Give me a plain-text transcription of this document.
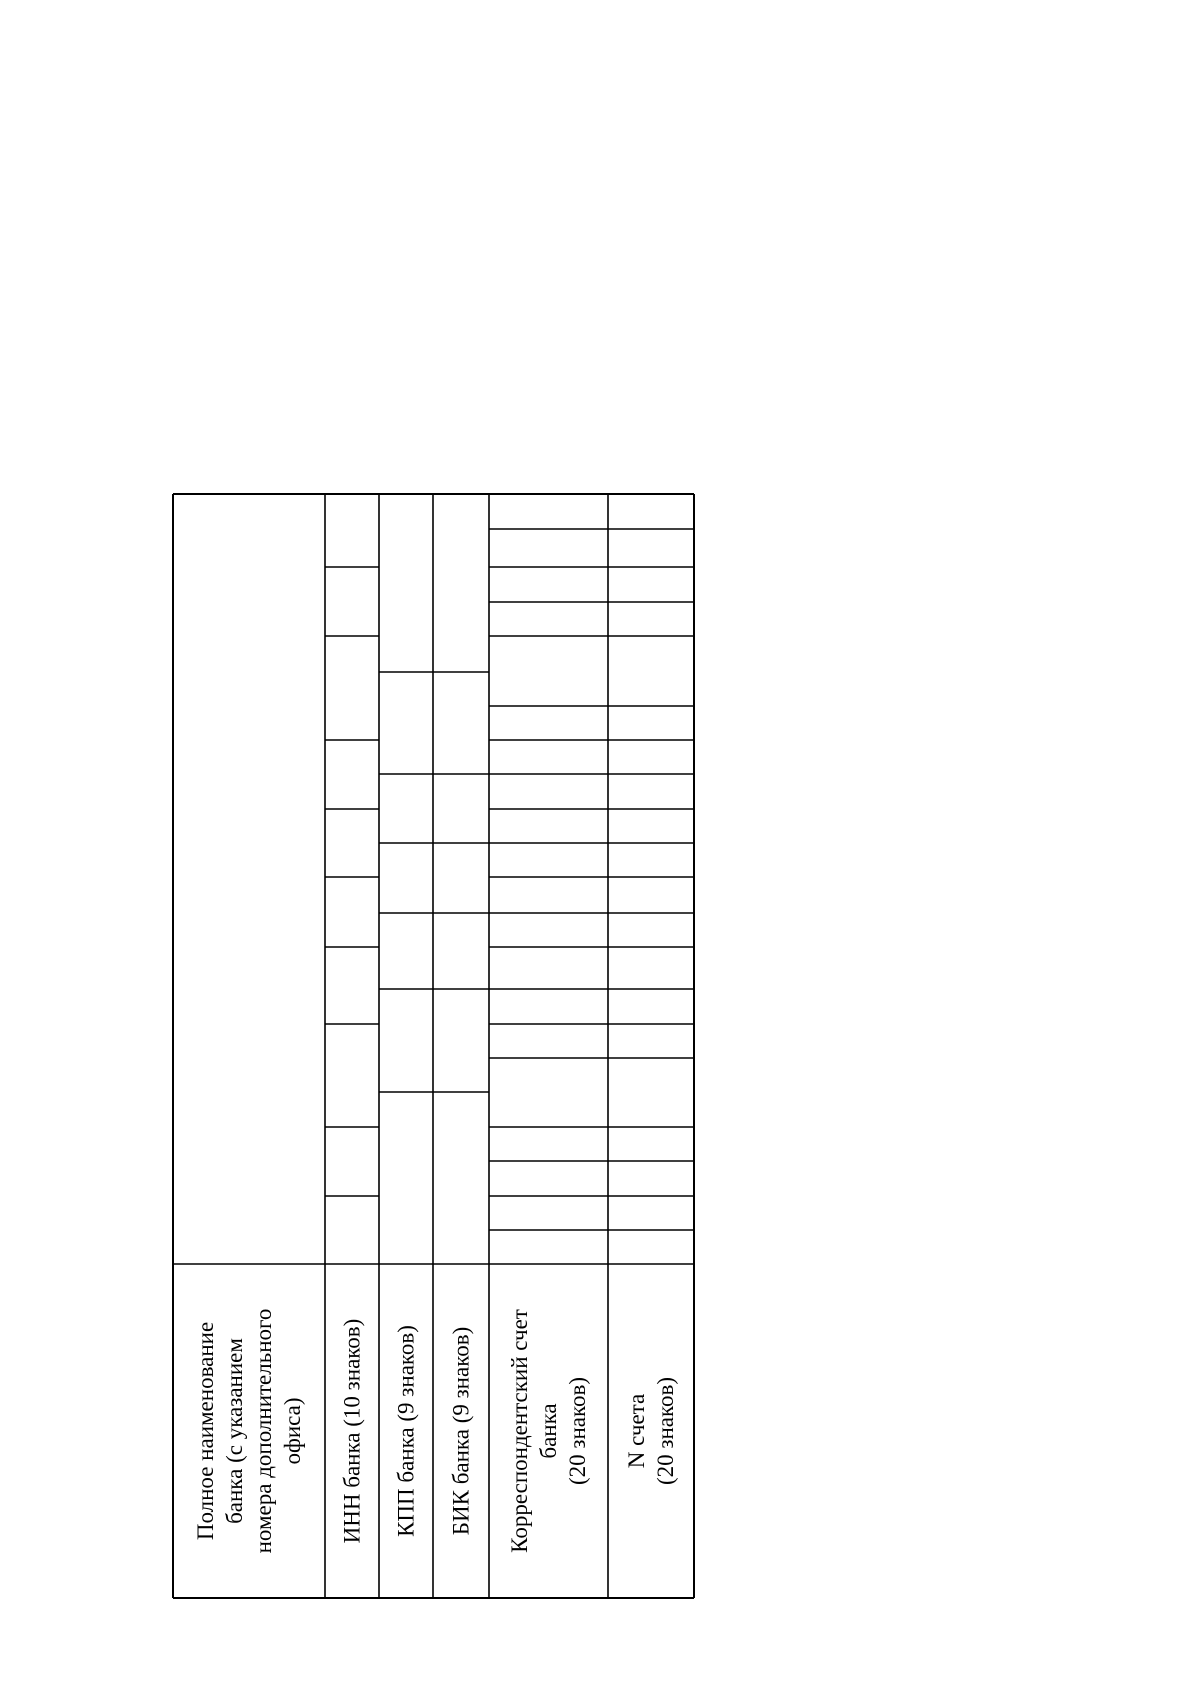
Полное наименование банка (с указанием номера дополнительного офиса) ИНН банка (10 знаков) КПП банка (9 знаков) БИК банка (9 знаков) Корреспондентский счет банка (20 знаков) N счета (20 знаков)
